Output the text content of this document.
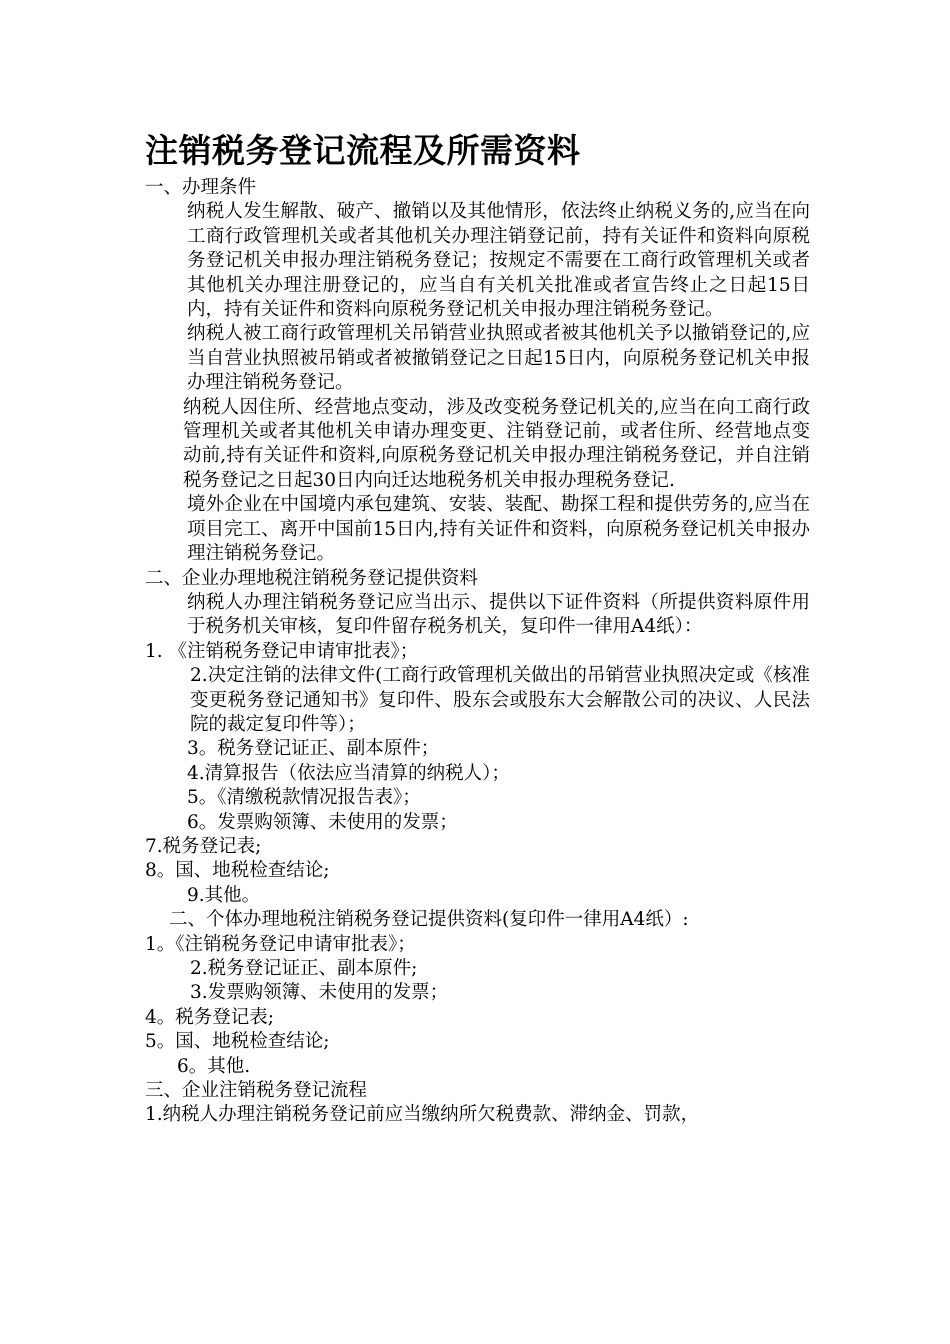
注销税务登记流程及所需资料

一、办理条件

纳税人发生解散、破产、撤销以及其他情形，依法终止纳税义务的,应当在向工商行政管理机关或者其他机关办理注销登记前，持有关证件和资料向原税务登记机关申报办理注销税务登记；按规定不需要在工商行政管理机关或者其他机关办理注册登记的，应当自有关机关批准或者宣告终止之日起15日内，持有关证件和资料向原税务登记机关申报办理注销税务登记。

纳税人被工商行政管理机关吊销营业执照或者被其他机关予以撤销登记的,应当自营业执照被吊销或者被撤销登记之日起15日内，向原税务登记机关申报办理注销税务登记。

纳税人因住所、经营地点变动，涉及改变税务登记机关的,应当在向工商行政管理机关或者其他机关申请办理变更、注销登记前，或者住所、经营地点变动前,持有关证件和资料,向原税务登记机关申报办理注销税务登记，并自注销税务登记之日起30日内向迁达地税务机关申报办理税务登记.

境外企业在中国境内承包建筑、安装、装配、勘探工程和提供劳务的,应当在项目完工、离开中国前15日内,持有关证件和资料，向原税务登记机关申报办理注销税务登记。

二、企业办理地税注销税务登记提供资料

纳税人办理注销税务登记应当出示、提供以下证件资料（所提供资料原件用于税务机关审核，复印件留存税务机关，复印件一律用A4纸）：

1. 《注销税务登记申请审批表》；

2.决定注销的法律文件(工商行政管理机关做出的吊销营业执照决定或《核准变更税务登记通知书》复印件、股东会或股东大会解散公司的决议、人民法院的裁定复印件等）；

3。税务登记证正、副本原件；

4.清算报告（依法应当清算的纳税人）；

5。《清缴税款情况报告表》；

6。发票购领簿、未使用的发票；

7.税务登记表;

8。国、地税检查结论;

9.其他。

二、个体办理地税注销税务登记提供资料(复印件一律用A4纸）:

1。《注销税务登记申请审批表》；

2.税务登记证正、副本原件;

3.发票购领簿、未使用的发票；

4。税务登记表;

5。国、地税检查结论;

6。其他.

三、企业注销税务登记流程

1.纳税人办理注销税务登记前应当缴纳所欠税费款、滞纳金、罚款，
